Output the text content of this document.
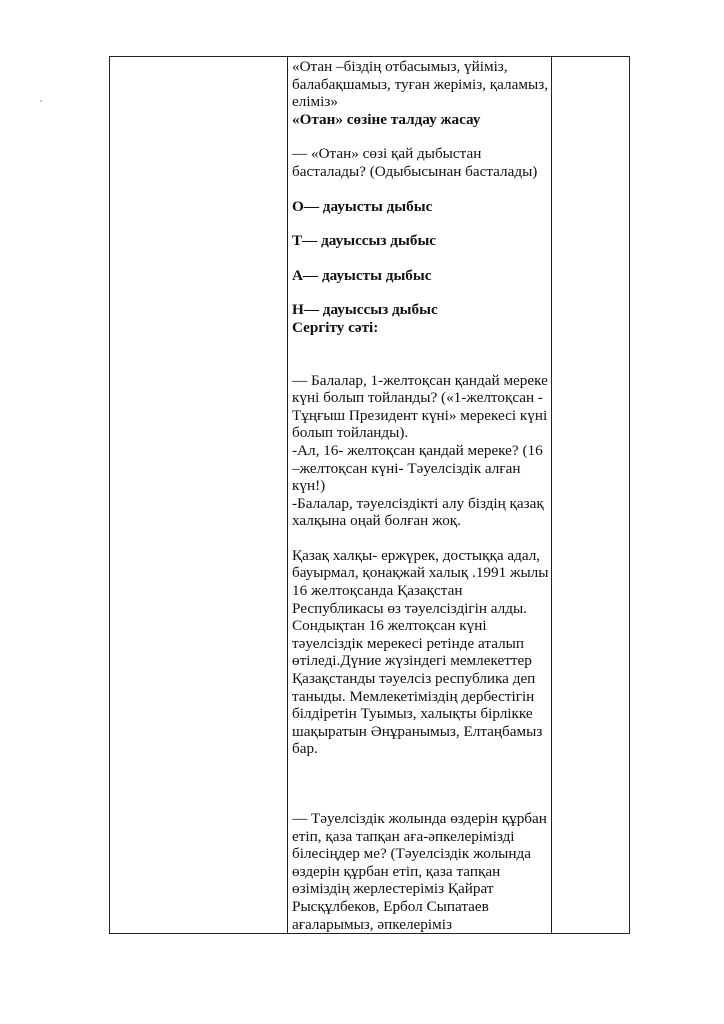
«Отан –біздің отбасымыз, үйіміз, балабақшамыз, туған жеріміз, қаламыз, еліміз»

«Отан» сөзіне талдау жасау

— «Отан» сөзі қай дыбыстан басталады? (Одыбысынан басталады)

О— дауысты дыбыс

Т— дауыссыз дыбыс

А— дауысты дыбыс

Н— дауыссыз дыбыс

Сергіту сәті:

— Балалар, 1-желтоқсан қандай мереке күні болып тойланды? («1-желтоқсан - Тұңғыш Президент күні» мерекесі күні болып тойланды).

-Ал, 16- желтоқсан қандай мереке? (16 –желтоқсан күні- Тәуелсіздік алған күн!)

-Балалар, тәуелсіздікті алу біздің қазақ халқына оңай болған жоқ.

Қазақ халқы- ержүрек, достыққа адал, бауырмал, қонақжай халық .1991 жылы 16 желтоқсанда Қазақстан Республикасы өз тәуелсіздігін алды. Сондықтан 16 желтоқсан күні тәуелсіздік мерекесі ретінде аталып өтіледі.Дүние жүзіндегі мемлекеттер Қазақстанды тәуелсіз республика деп таныды. Мемлекетіміздің дербестігін білдіретін Туымыз, халықты бірлікке шақыратын Әнұранымыз, Елтаңбамыз бар.

— Тәуелсіздік жолында өздерін құрбан етіп, қаза тапқан аға-әпкелерімізді білесіңдер ме? (Тәуелсіздік жолында өздерін құрбан етіп, қаза тапқан өзіміздің жерлестеріміз Қайрат Рысқұлбеков, Ербол Сыпатаев ағаларымыз, әпкелеріміз
